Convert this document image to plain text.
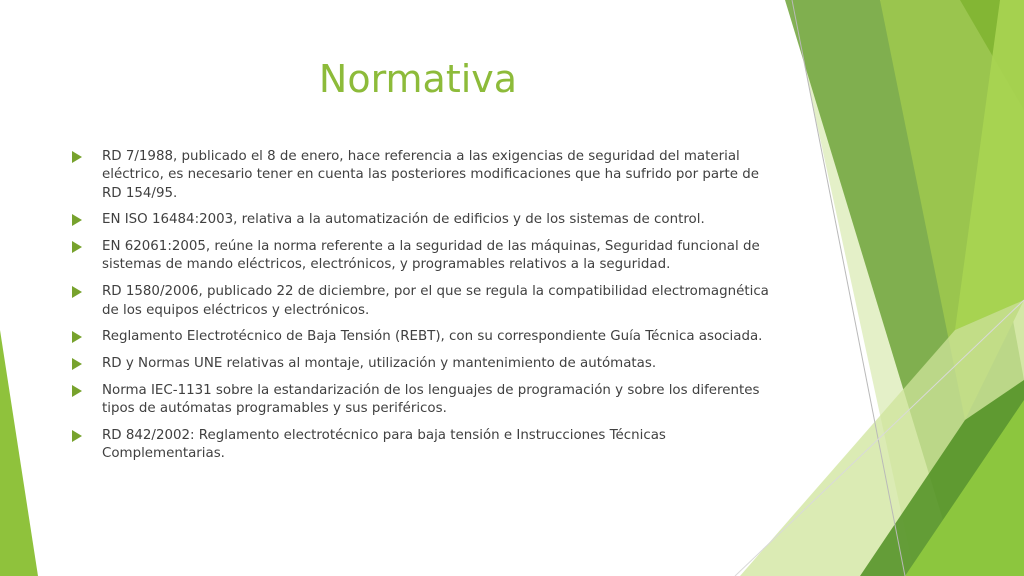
Normativa
RD 7/1988, publicado el 8 de enero, hace referencia a las exigencias de seguridad del material eléctrico, es necesario tener en cuenta las posteriores modificaciones que ha sufrido por parte de RD 154/95.
EN ISO 16484:2003, relativa a la automatización de edificios y de los sistemas de control.
EN 62061:2005, reúne la norma referente a la seguridad de las máquinas, Seguridad funcional de sistemas de mando eléctricos, electrónicos, y programables relativos a la seguridad.
RD 1580/2006, publicado 22 de diciembre, por el que se regula la compatibilidad electromagnética de los equipos eléctricos y electrónicos.
Reglamento Electrotécnico de Baja Tensión (REBT), con su correspondiente Guía Técnica asociada.
RD y Normas UNE relativas al montaje, utilización y mantenimiento de autómatas.
Norma IEC-1131 sobre la estandarización de los lenguajes de programación y sobre los diferentes tipos de autómatas programables y sus periféricos.
RD 842/2002: Reglamento electrotécnico para baja tensión e Instrucciones Técnicas Complementarias.
